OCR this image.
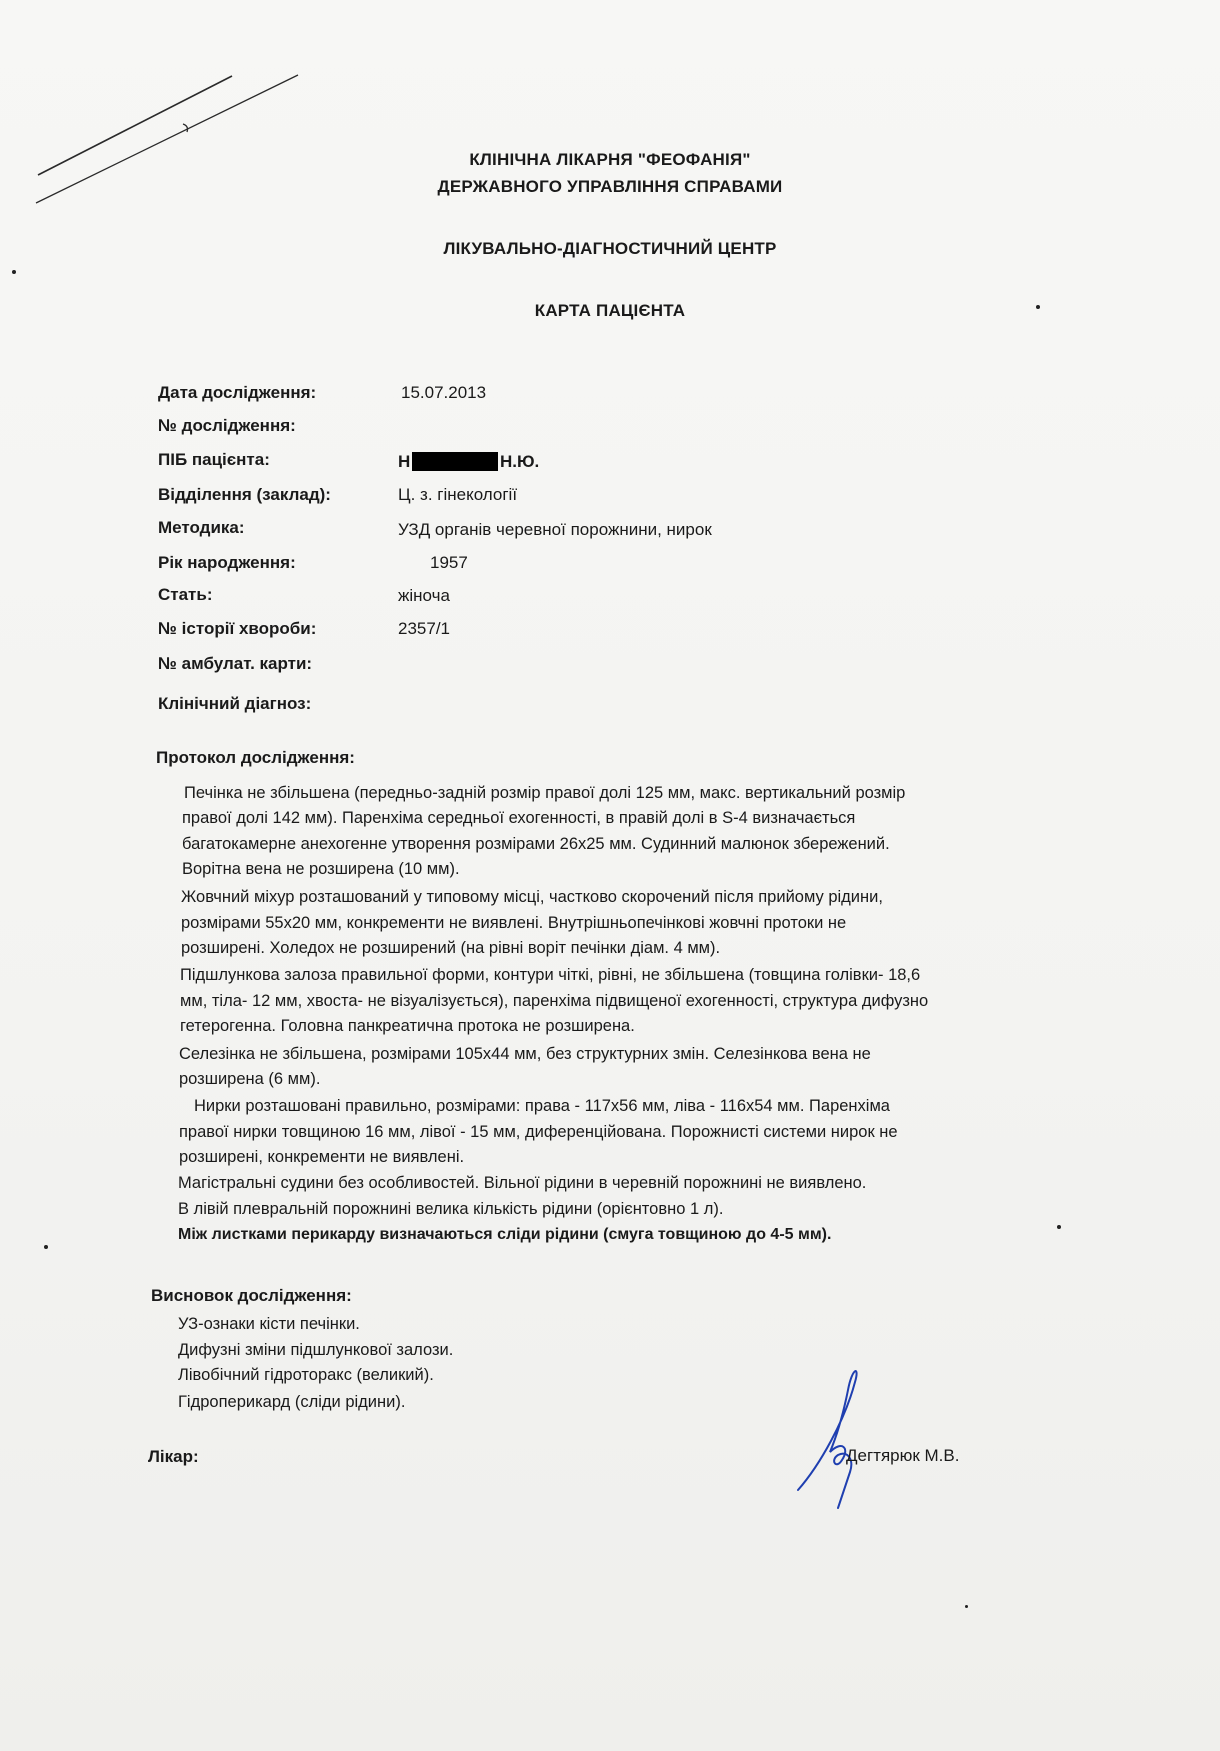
КЛІНІЧНА ЛІКАРНЯ "ФЕОФАНІЯ"
ДЕРЖАВНОГО УПРАВЛІННЯ СПРАВАМИ
ЛІКУВАЛЬНО-ДІАГНОСТИЧНИЙ ЦЕНТР
КАРТА ПАЦІЄНТА
Дата дослідження:	15.07.2013
№ дослідження:
ПІБ пацієнта:	Н	Н.Ю.
Відділення (заклад):	Ц. з. гінекології
Методика:	УЗД органів черевної порожнини, нирок
Рік народження:	1957
Стать:	жіноча
№ історії хвороби:	2357/1
№ амбулат. карти:
Клінічний діагноз:
Протокол дослідження:
Печінка не збільшена (передньо-задній розмір правої долі 125 мм, макс. вертикальний розмір
правої долі 142 мм). Паренхіма середньої ехогенності, в правій долі в S-4 визначається
багатокамерне анехогенне утворення розмірами 26х25 мм. Судинний малюнок збережений.
Ворітна вена не розширена (10 мм).
Жовчний міхур розташований у типовому місці, частково скорочений після прийому рідини,
розмірами 55х20 мм, конкременти не виявлені. Внутрішньопечінкові жовчні протоки не
розширені. Холедох не розширений (на рівні воріт печінки діам. 4 мм).
Підшлункова залоза правильної форми, контури чіткі, рівні, не збільшена (товщина голівки- 18,6
мм, тіла- 12 мм, хвоста- не візуалізується), паренхіма підвищеної ехогенності, структура дифузно
гетерогенна. Головна панкреатична протока не розширена.
Селезінка не збільшена, розмірами 105х44 мм, без структурних змін. Селезінкова вена не
розширена (6 мм).
Нирки розташовані правильно, розмірами: права - 117х56 мм, ліва - 116х54 мм. Паренхіма
правої нирки товщиною 16 мм, лівої - 15 мм, диференційована. Порожнисті системи нирок не
розширені, конкременти не виявлені.
Магістральні судини без особливостей. Вільної рідини в черевній порожнині не виявлено.
В лівій плевральній порожнині велика кількість рідини (орієнтовно 1 л).
Між листками перикарду визначаються сліди рідини (смуга товщиною до 4-5 мм).
Висновок дослідження:
УЗ-ознаки кісти печінки.
Дифузні зміни підшлункової залози.
Лівобічний гідроторакс (великий).
Гідроперикард (сліди рідини).
Лікар:	Дегтярюк М.В.
